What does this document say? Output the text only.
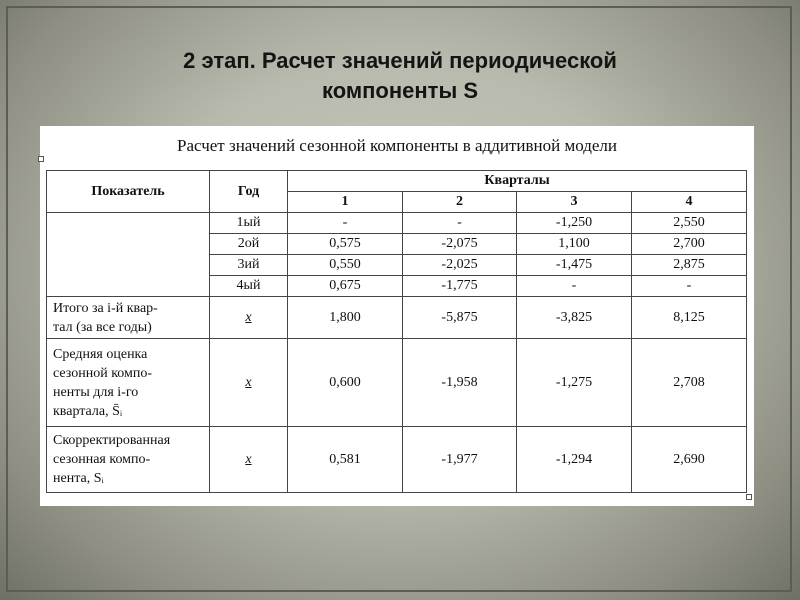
2 этап. Расчет значений периодической
компоненты S
Расчет значений сезонной компоненты в аддитивной модели
Показатель	Год	Кварталы			
		1	2	3	4
	1ый	-	-	-1,250	2,550
	2ой	0,575	-2,075	1,100	2,700
	3ий	0,550	-2,025	-1,475	2,875
	4ый	0,675	-1,775	-	-

Итого за i-й квар-
тал (за все годы)	х	1,800	-5,875	-3,825	8,125

Средняя оценка
сезонной компо-
ненты для i-го
квартала, S̄ᵢ	х	0,600	-1,958	-1,275	2,708

Скорректированная
сезонная компо-
нента, Sᵢ	х	0,581	-1,977	-1,294	2,690
